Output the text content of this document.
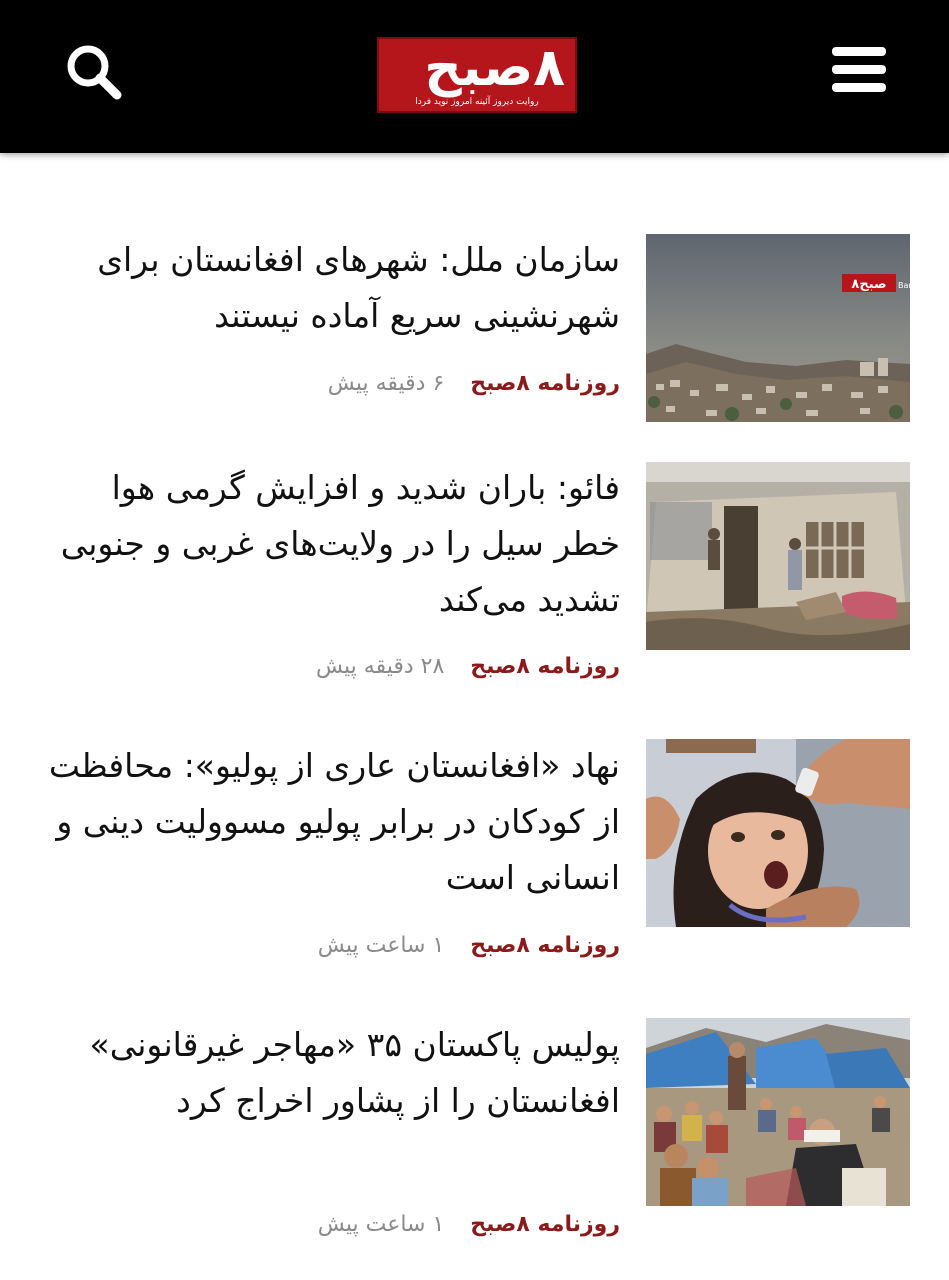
۸صبح
روایت دیروز آئینه امروز نوید فردا
۸صبح Bar
سازمان ملل: شهرهای افغانستان برای شهرنشینی سریع آماده نیستند
روزنامه ۸صبح۶ دقیقه پیش
فائو: باران شدید و افزایش گرمی هوا خطر سیل را در ولایت‌های غربی و جنوبی تشدید می‌کند
روزنامه ۸صبح۲۸ دقیقه پیش
نهاد «افغانستان عاری از پولیو»: محافظت از کودکان در برابر پولیو مسوولیت دینی و انسانی است
روزنامه ۸صبح۱ ساعت پیش
پولیس پاکستان ۳۵ «مهاجر غیرقانونی» افغانستان را از پشاور اخراج کرد
روزنامه ۸صبح۱ ساعت پیش
